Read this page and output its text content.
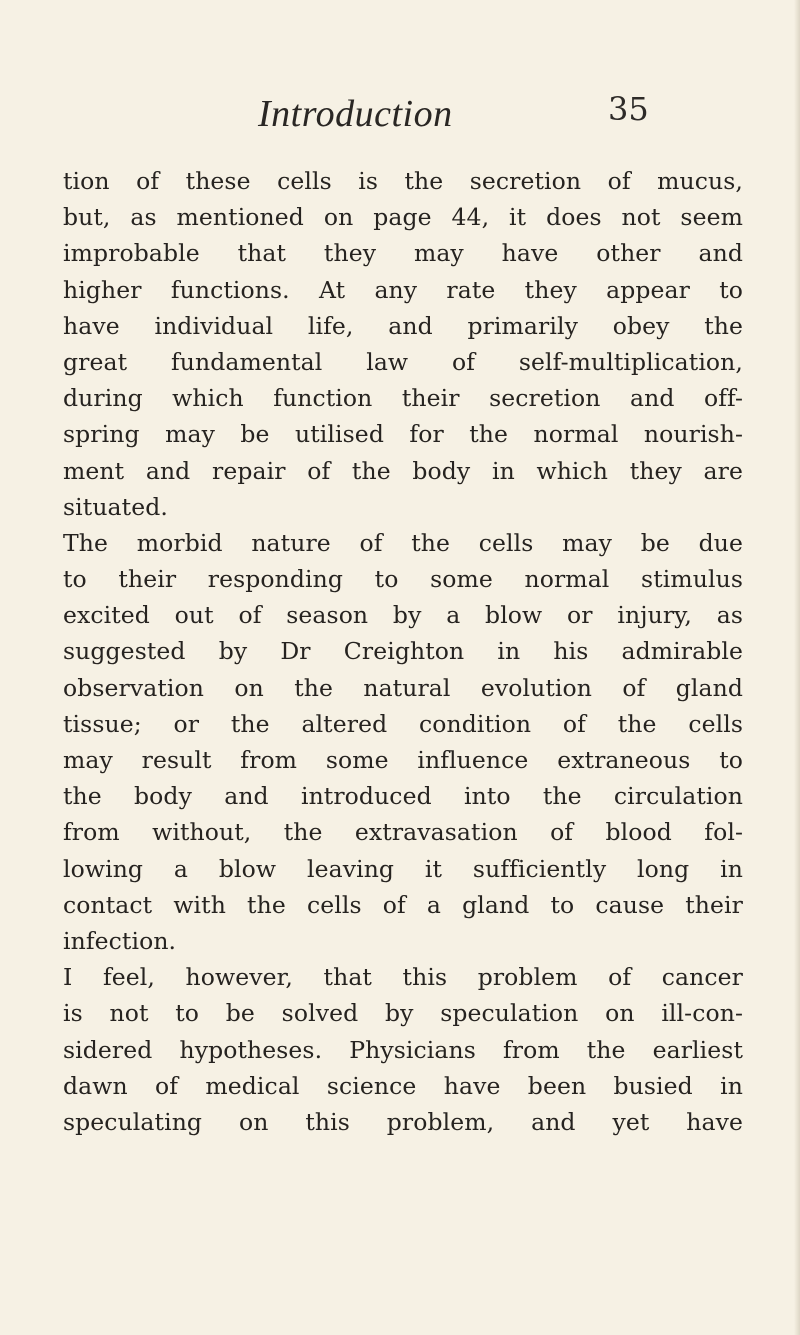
Introduction	35
tion of these cells is the secretion of mucus,
but, as mentioned on page 44, it does not seem
improbable that they may have other and
higher functions. At any rate they appear to
have individual life, and primarily obey the
great fundamental law of self-multiplication,
during which function their secretion and off-
spring may be utilised for the normal nourish-
ment and repair of the body in which they are
situated.
The morbid nature of the cells may be due
to their responding to some normal stimulus
excited out of season by a blow or injury, as
suggested by Dr Creighton in his admirable
observation on the natural evolution of gland
tissue; or the altered condition of the cells
may result from some influence extraneous to
the body and introduced into the circulation
from without, the extravasation of blood fol-
lowing a blow leaving it sufficiently long in
contact with the cells of a gland to cause their
infection.
I feel, however, that this problem of cancer
is not to be solved by speculation on ill-con-
sidered hypotheses. Physicians from the earliest
dawn of medical science have been busied in
speculating on this problem, and yet have
